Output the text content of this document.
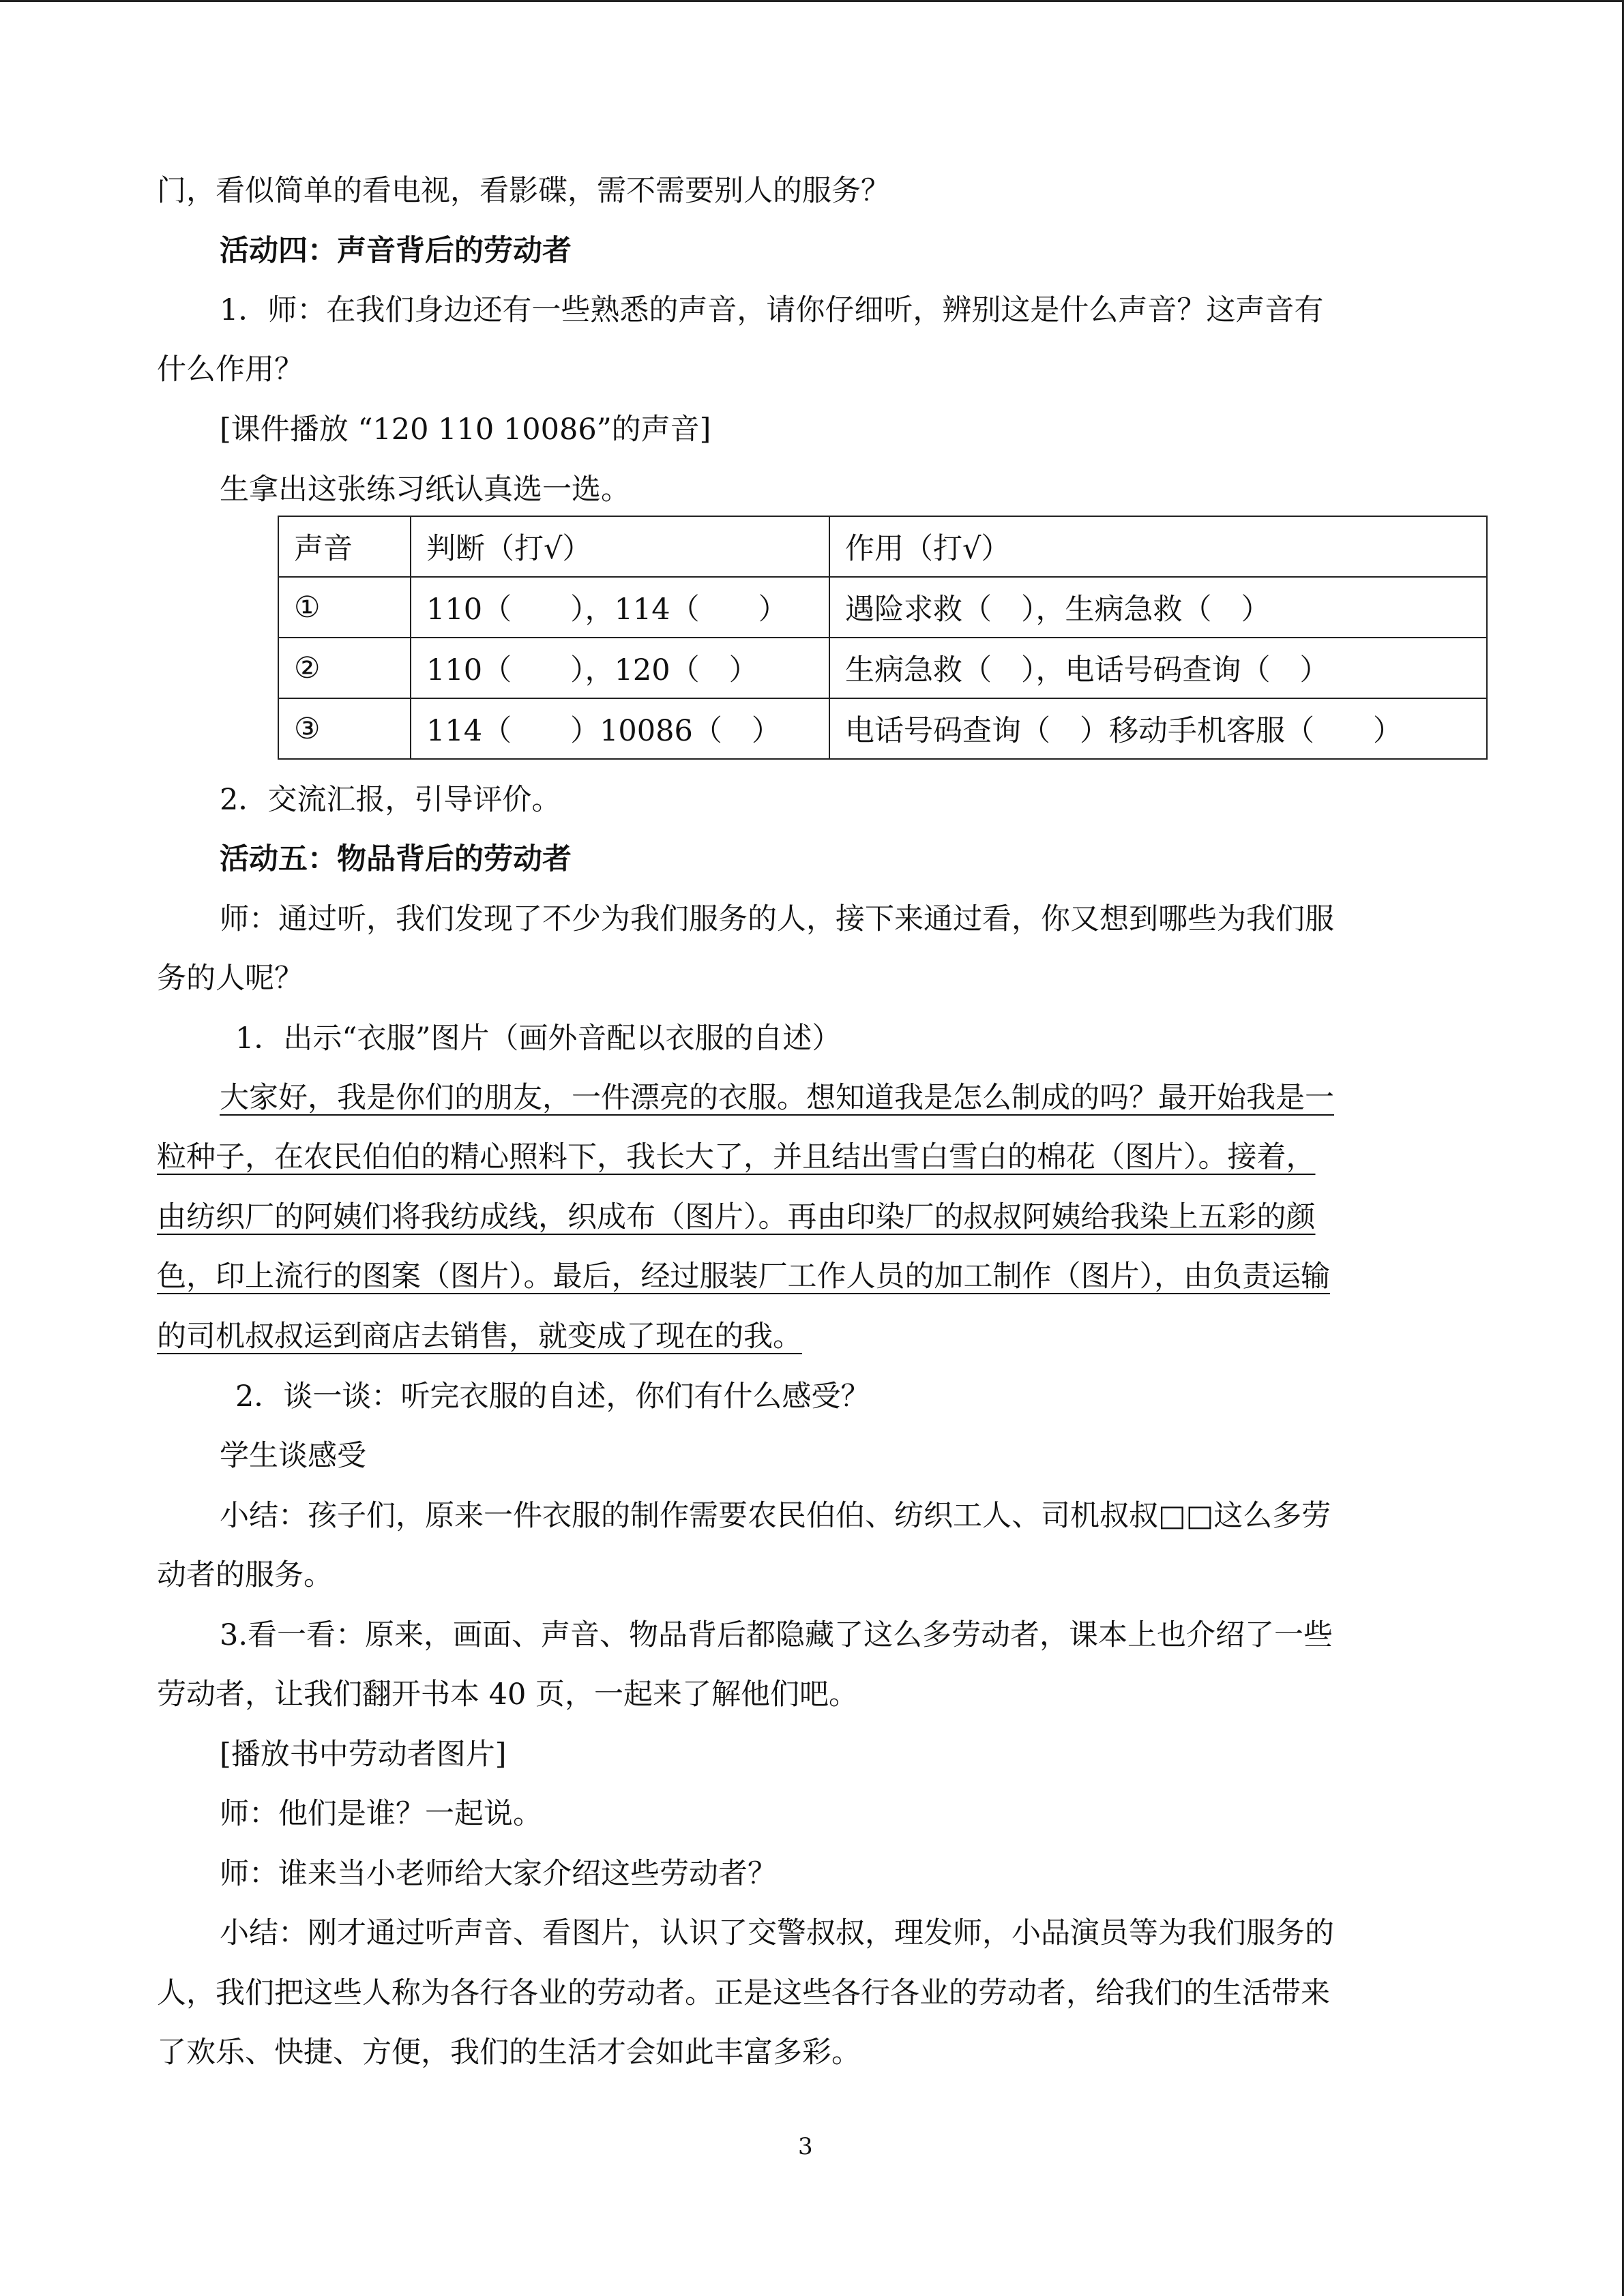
门，看似简单的看电视，看影碟，需不需要别人的服务？
活动四：声音背后的劳动者
1．师：在我们身边还有一些熟悉的声音，请你仔细听，辨别这是什么声音？这声音有
什么作用？
[课件播放 “120 110 10086”的声音]
生拿出这张练习纸认真选一选。
声音	判断（打√）	作用（打√）
①	110（　　），114（　　）	遇险求救（　），生病急救（　）
②	110（　　），120（　）	生病急救（　），电话号码查询（　）
③	114（　　）10086（　）	电话号码查询（　）移动手机客服（　　）
2．交流汇报，引导评价。
活动五：物品背后的劳动者
师：通过听，我们发现了不少为我们服务的人，接下来通过看，你又想到哪些为我们服
务的人呢？
1．出示“衣服”图片（画外音配以衣服的自述）
大家好，我是你们的朋友，一件漂亮的衣服。想知道我是怎么制成的吗？最开始我是一
粒种子，在农民伯伯的精心照料下，我长大了，并且结出雪白雪白的棉花（图片）。接着，
由纺织厂的阿姨们将我纺成线，织成布（图片）。再由印染厂的叔叔阿姨给我染上五彩的颜
色，印上流行的图案（图片）。最后，经过服装厂工作人员的加工制作（图片），由负责运输
的司机叔叔运到商店去销售，就变成了现在的我。
2．谈一谈：听完衣服的自述，你们有什么感受？
学生谈感受
小结：孩子们，原来一件衣服的制作需要农民伯伯、纺织工人、司机叔叔□□这么多劳
动者的服务。
3.看一看：原来，画面、声音、物品背后都隐藏了这么多劳动者，课本上也介绍了一些
劳动者，让我们翻开书本 40 页，一起来了解他们吧。
[播放书中劳动者图片]
师：他们是谁？一起说。
师：谁来当小老师给大家介绍这些劳动者？
小结：刚才通过听声音、看图片，认识了交警叔叔，理发师，小品演员等为我们服务的
人，我们把这些人称为各行各业的劳动者。正是这些各行各业的劳动者，给我们的生活带来
了欢乐、快捷、方便，我们的生活才会如此丰富多彩。
3
